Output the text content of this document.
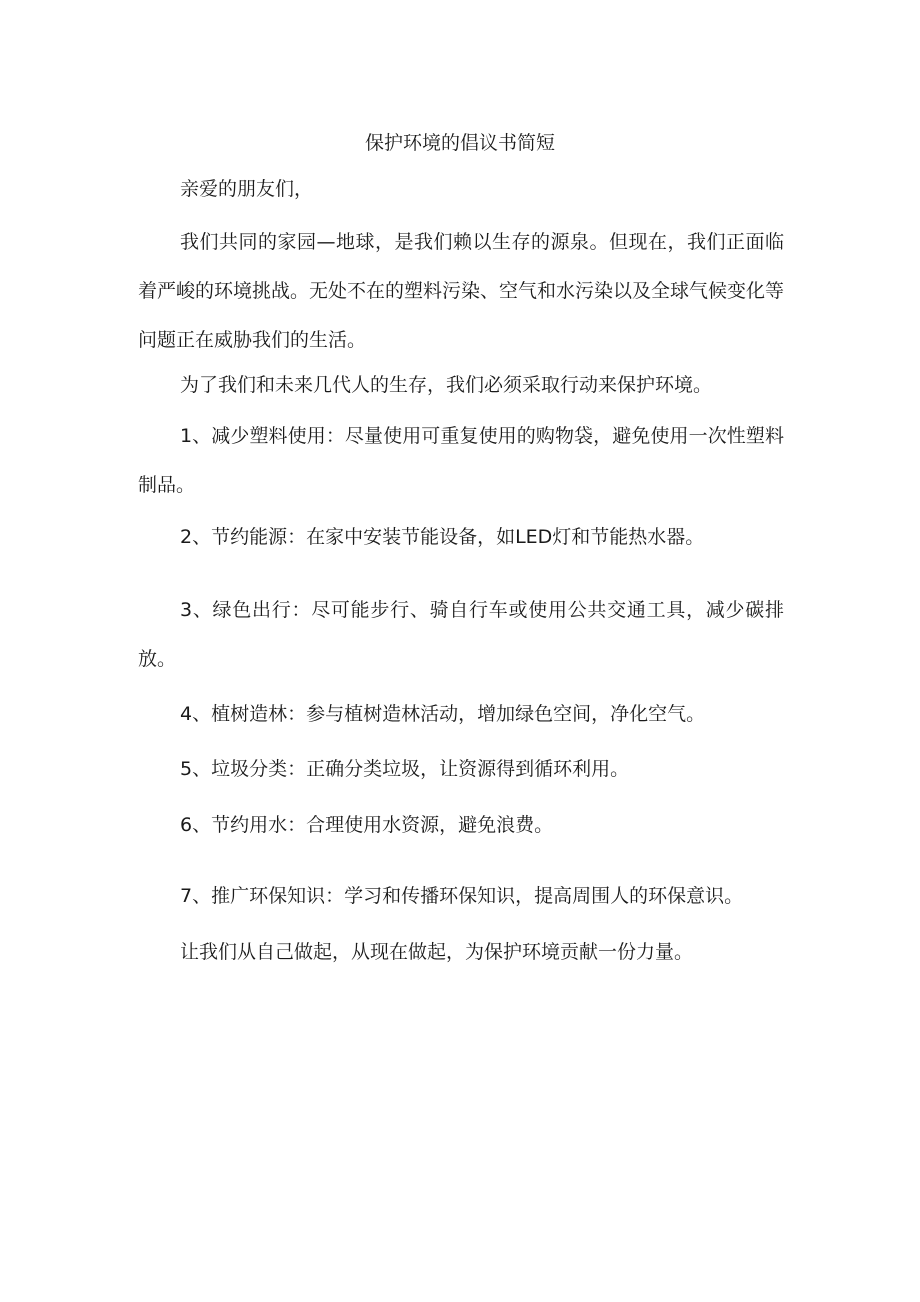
保护环境的倡议书简短

亲爱的朋友们，

我们共同的家园—地球，是我们赖以生存的源泉。但现在，我们正面临着严峻的环境挑战。无处不在的塑料污染、空气和水污染以及全球气候变化等问题正在威胁我们的生活。

为了我们和未来几代人的生存，我们必须采取行动来保护环境。

1、减少塑料使用：尽量使用可重复使用的购物袋，避免使用一次性塑料制品。

2、节约能源：在家中安装节能设备，如LED灯和节能热水器。

3、绿色出行：尽可能步行、骑自行车或使用公共交通工具，减少碳排放。

4、植树造林：参与植树造林活动，增加绿色空间，净化空气。

5、垃圾分类：正确分类垃圾，让资源得到循环利用。

6、节约用水：合理使用水资源，避免浪费。

7、推广环保知识：学习和传播环保知识，提高周围人的环保意识。

让我们从自己做起，从现在做起，为保护环境贡献一份力量。
